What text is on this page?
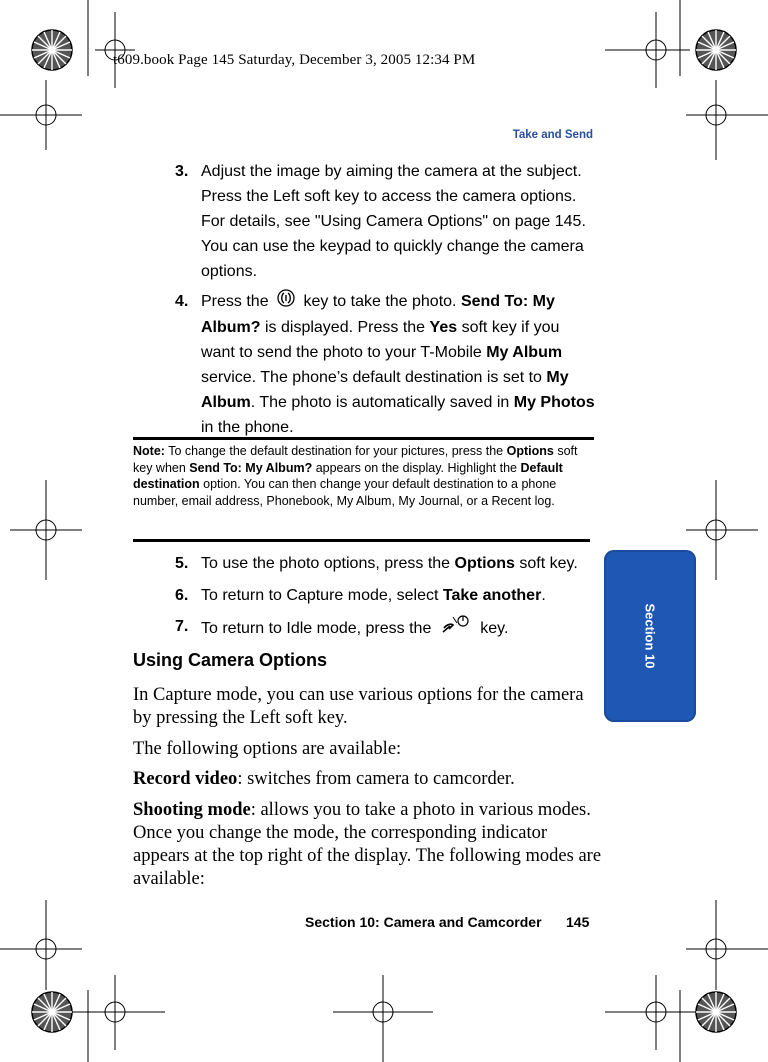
t609.book Page 145 Saturday, December 3, 2005 12:34 PM
Take and Send
3. Adjust the image by aiming the camera at the subject. Press the Left soft key to access the camera options. For details, see "Using Camera Options" on page 145. You can use the keypad to quickly change the camera options.
4. Press the key to take the photo. Send To: My Album? is displayed. Press the Yes soft key if you want to send the photo to your T-Mobile My Album service. The phone’s default destination is set to My Album. The photo is automatically saved in My Photos in the phone.
Note: To change the default destination for your pictures, press the Options soft key when Send To: My Album? appears on the display. Highlight the Default destination option. You can then change your default destination to a phone number, email address, Phonebook, My Album, My Journal, or a Recent log.
5. To use the photo options, press the Options soft key.
6. To return to Capture mode, select Take another.
7. To return to Idle mode, press the	key.
Using Camera Options
In Capture mode, you can use various options for the camera by pressing the Left soft key.
The following options are available:
Record video: switches from camera to camcorder.
Shooting mode: allows you to take a photo in various modes. Once you change the mode, the corresponding indicator appears at the top right of the display. The following modes are available:
Section 10
Section 10: Camera and Camcorder 145
